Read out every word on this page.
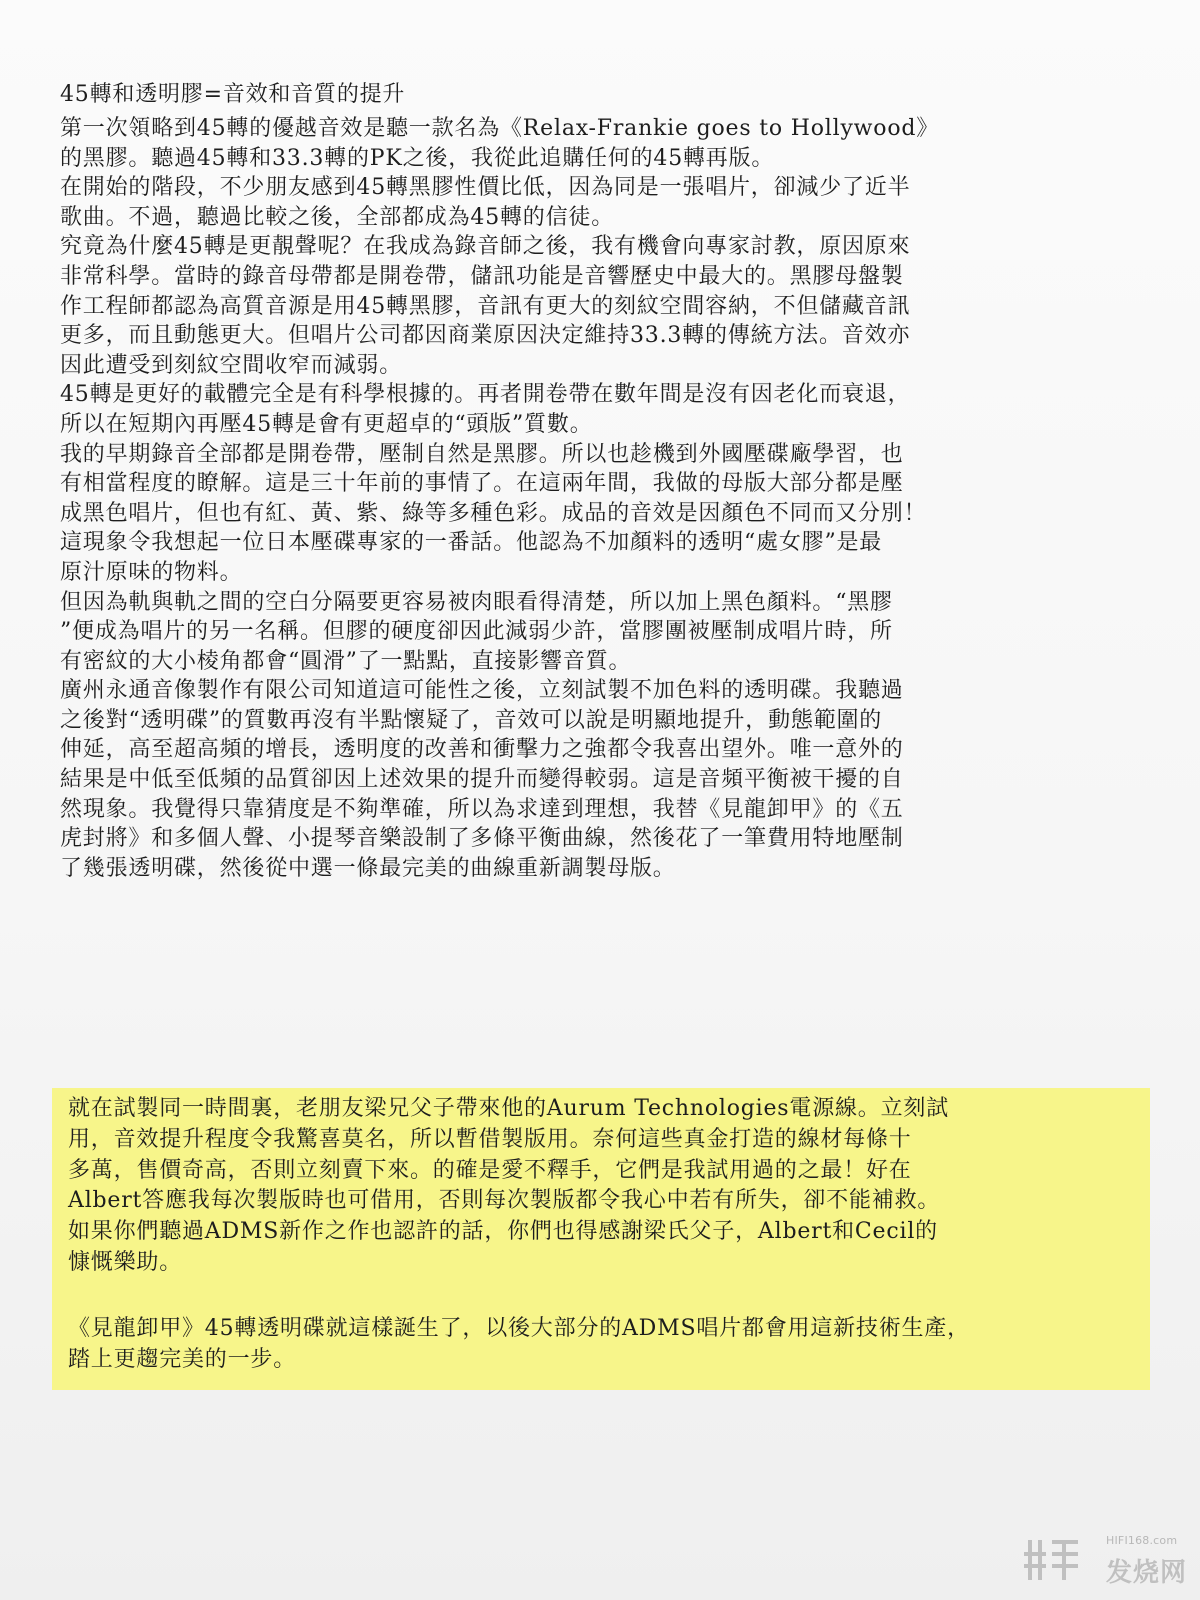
45轉和透明膠=音效和音質的提升

第一次領略到45轉的優越音效是聽一款名為《Relax-Frankie goes to Hollywood》
的黑膠。聽過45轉和33.3轉的PK之後，我從此追購任何的45轉再版。
在開始的階段，不少朋友感到45轉黑膠性價比低，因為同是一張唱片，卻減少了近半
歌曲。不過，聽過比較之後，全部都成為45轉的信徒。
究竟為什麼45轉是更靚聲呢？在我成為錄音師之後，我有機會向專家討教，原因原來
非常科學。當時的錄音母帶都是開卷帶，儲訊功能是音響歷史中最大的。黑膠母盤製
作工程師都認為高質音源是用45轉黑膠，音訊有更大的刻紋空間容納，不但儲藏音訊
更多，而且動態更大。但唱片公司都因商業原因決定維持33.3轉的傳統方法。音效亦
因此遭受到刻紋空間收窄而減弱。
45轉是更好的載體完全是有科學根據的。再者開卷帶在數年間是沒有因老化而衰退，
所以在短期內再壓45轉是會有更超卓的“頭版”質數。
我的早期錄音全部都是開卷帶，壓制自然是黑膠。所以也趁機到外國壓碟廠學習，也
有相當程度的瞭解。這是三十年前的事情了。在這兩年間，我做的母版大部分都是壓
成黑色唱片，但也有紅、黃、紫、綠等多種色彩。成品的音效是因顏色不同而又分別！
這現象令我想起一位日本壓碟專家的一番話。他認為不加顏料的透明“處女膠”是最
原汁原味的物料。
但因為軌與軌之間的空白分隔要更容易被肉眼看得清楚，所以加上黑色顏料。“黑膠
”便成為唱片的另一名稱。但膠的硬度卻因此減弱少許，當膠團被壓制成唱片時，所
有密紋的大小棱角都會“圓滑”了一點點，直接影響音質。
廣州永通音像製作有限公司知道這可能性之後，立刻試製不加色料的透明碟。我聽過
之後對“透明碟”的質數再沒有半點懷疑了，音效可以說是明顯地提升，動態範圍的
伸延，高至超高頻的增長，透明度的改善和衝擊力之強都令我喜出望外。唯一意外的
結果是中低至低頻的品質卻因上述效果的提升而變得較弱。這是音頻平衡被干擾的自
然現象。我覺得只靠猜度是不夠準確，所以為求達到理想，我替《見龍卸甲》的《五
虎封將》和多個人聲、小提琴音樂設制了多條平衡曲線，然後花了一筆費用特地壓制
了幾張透明碟，然後從中選一條最完美的曲線重新調製母版。

就在試製同一時間裏，老朋友梁兄父子帶來他的Aurum Technologies電源線。立刻試
用，音效提升程度令我驚喜莫名，所以暫借製版用。奈何這些真金打造的線材每條十
多萬，售價奇高，否則立刻賣下來。的確是愛不釋手，它們是我試用過的之最！好在
Albert答應我每次製版時也可借用，否則每次製版都令我心中若有所失，卻不能補救。
如果你們聽過ADMS新作之作也認許的話，你們也得感謝梁氏父子，Albert和Cecil的
慷慨樂助。

《見龍卸甲》45轉透明碟就這樣誕生了，以後大部分的ADMS唱片都會用這新技術生產，
踏上更趨完美的一步。

HIFI168.com
发烧网
